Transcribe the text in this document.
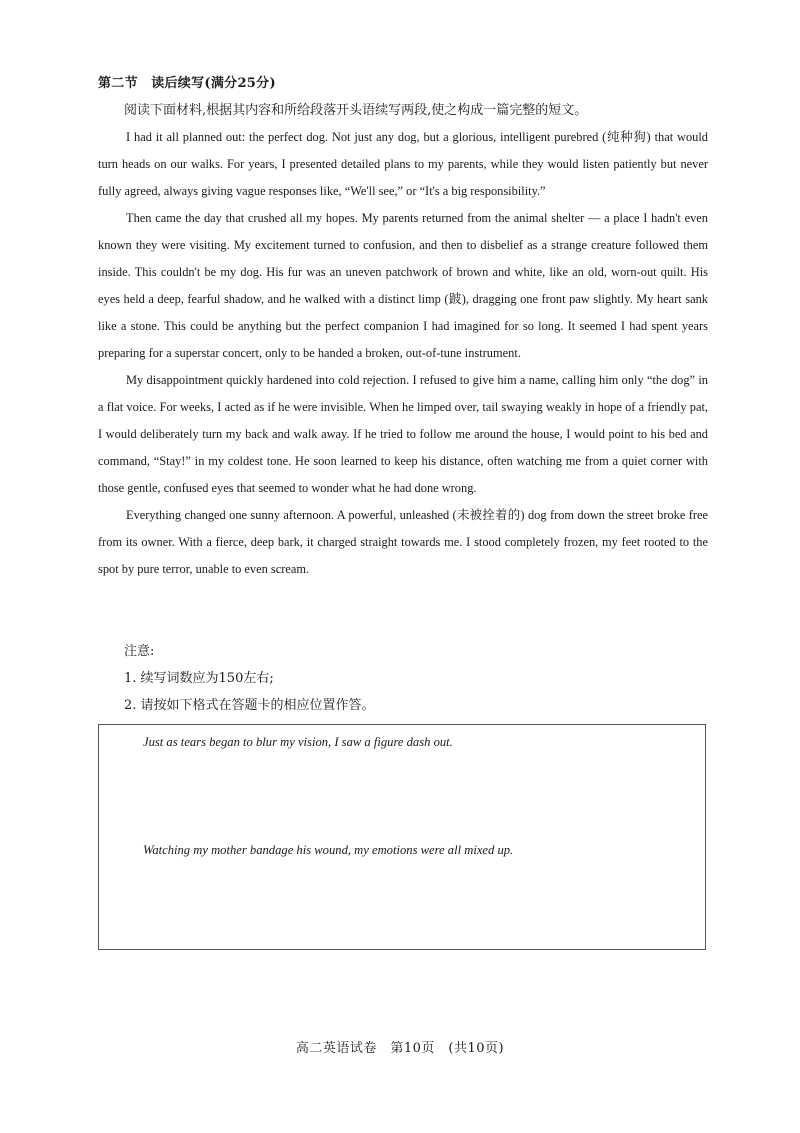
第二节　读后续写(满分25分)
阅读下面材料,根据其内容和所给段落开头语续写两段,使之构成一篇完整的短文。

I had it all planned out: the perfect dog. Not just any dog, but a glorious, intelligent purebred (纯种狗) that would turn heads on our walks. For years, I presented detailed plans to my parents, while they would listen patiently but never fully agreed, always giving vague responses like, “We'll see,” or “It's a big responsibility.”

Then came the day that crushed all my hopes. My parents returned from the animal shelter — a place I hadn't even known they were visiting. My excitement turned to confusion, and then to disbelief as a strange creature followed them inside. This couldn't be my dog. His fur was an uneven patchwork of brown and white, like an old, worn-out quilt. His eyes held a deep, fearful shadow, and he walked with a distinct limp (跛), dragging one front paw slightly. My heart sank like a stone. This could be anything but the perfect companion I had imagined for so long. It seemed I had spent years preparing for a superstar concert, only to be handed a broken, out-of-tune instrument.

My disappointment quickly hardened into cold rejection. I refused to give him a name, calling him only “the dog” in a flat voice. For weeks, I acted as if he were invisible. When he limped over, tail swaying weakly in hope of a friendly pat, I would deliberately turn my back and walk away. If he tried to follow me around the house, I would point to his bed and command, “Stay!” in my coldest tone. He soon learned to keep his distance, often watching me from a quiet corner with those gentle, confused eyes that seemed to wonder what he had done wrong.

Everything changed one sunny afternoon. A powerful, unleashed (未被拴着的) dog from down the street broke free from its owner. With a fierce, deep bark, it charged straight towards me. I stood completely frozen, my feet rooted to the spot by pure terror, unable to even scream.

注意:
1. 续写词数应为150左右;
2. 请按如下格式在答题卡的相应位置作答。
Just as tears began to blur my vision, I saw a figure dash out.
Watching my mother bandage his wound, my emotions were all mixed up.
高二英语试卷　第10页　(共10页)
